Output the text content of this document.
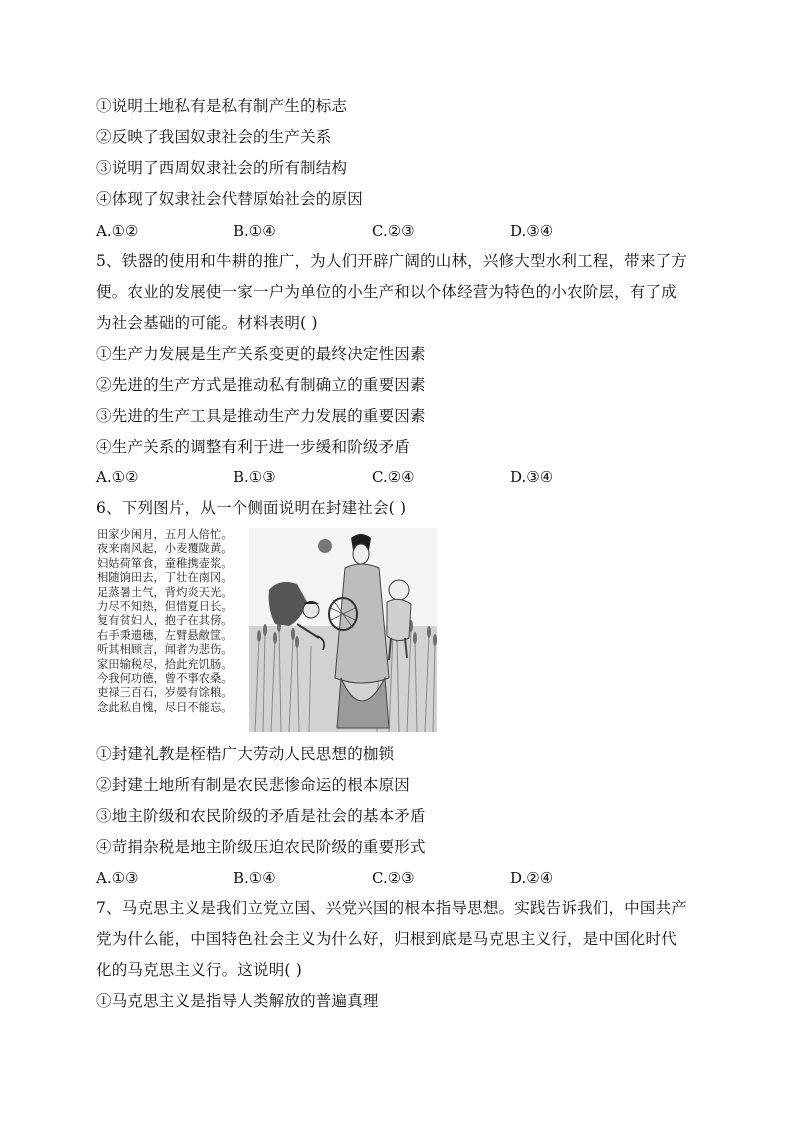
①说明土地私有是私有制产生的标志
②反映了我国奴隶社会的生产关系
③说明了西周奴隶社会的所有制结构
④体现了奴隶社会代替原始社会的原因
A.①②	B.①④	C.②③	D.③④
5、铁器的使用和牛耕的推广，为人们开辟广阔的山林，兴修大型水利工程，带来了方
便。农业的发展使一家一户为单位的小生产和以个体经营为特色的小农阶层，有了成
为社会基础的可能。材料表明( )
①生产力发展是生产关系变更的最终决定性因素
②先进的生产方式是推动私有制确立的重要因素
③先进的生产工具是推动生产力发展的重要因素
④生产关系的调整有利于进一步缓和阶级矛盾
A.①②	B.①③	C.②④	D.③④
6、下列图片，从一个侧面说明在封建社会( )
田家少闲月，五月人倍忙。
夜来南风起，小麦覆陇黄。
妇姑荷箪食，童稚携壶浆。
相随饷田去，丁壮在南冈。
足蒸暑土气，背灼炎天光。
力尽不知热，但惜夏日长。
复有贫妇人，抱子在其傍。
右手秉遗穗，左臂悬敝筐。
听其相顾言，闻者为悲伤。
家田输税尽，拾此充饥肠。
今我何功德，曾不事农桑。
吏禄三百石，岁晏有馀粮。
念此私自愧，尽日不能忘。
①封建礼教是桎梏广大劳动人民思想的枷锁
②封建土地所有制是农民悲惨命运的根本原因
③地主阶级和农民阶级的矛盾是社会的基本矛盾
④苛捐杂税是地主阶级压迫农民阶级的重要形式
A.①③	B.①④	C.②③	D.②④
7、马克思主义是我们立党立国、兴党兴国的根本指导思想。实践告诉我们，中国共产
党为什么能，中国特色社会主义为什么好，归根到底是马克思主义行，是中国化时代
化的马克思主义行。这说明( )
①马克思主义是指导人类解放的普遍真理
